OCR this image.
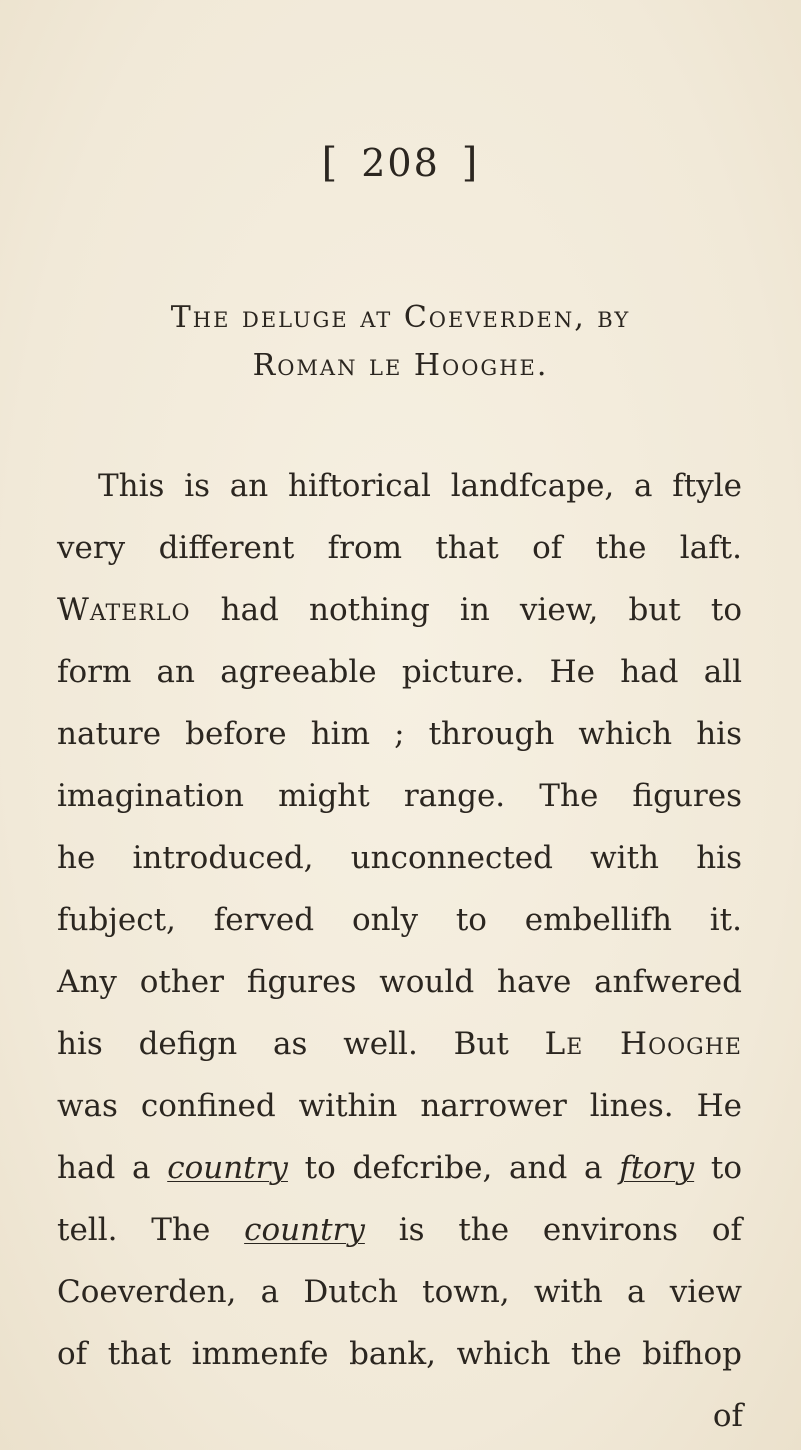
[ 208 ]
The deluge at Coeverden, by
Roman le Hooghe.
This is an hiftorical landfcape, a ftyle
very different from that of the laft.
Waterlo had nothing in view, but to
form an agreeable picture. He had all
nature before him ; through which his
imagination might range. The figures
he introduced, unconnected with his
fubject, ferved only to embellifh it.
Any other figures would have anfwered
his defign as well. But Le Hooghe
was confined within narrower lines. He
had a country to defcribe, and a ftory to
tell. The country is the environs of
Coeverden, a Dutch town, with a view
of that immenfe bank, which the bifhop
of
